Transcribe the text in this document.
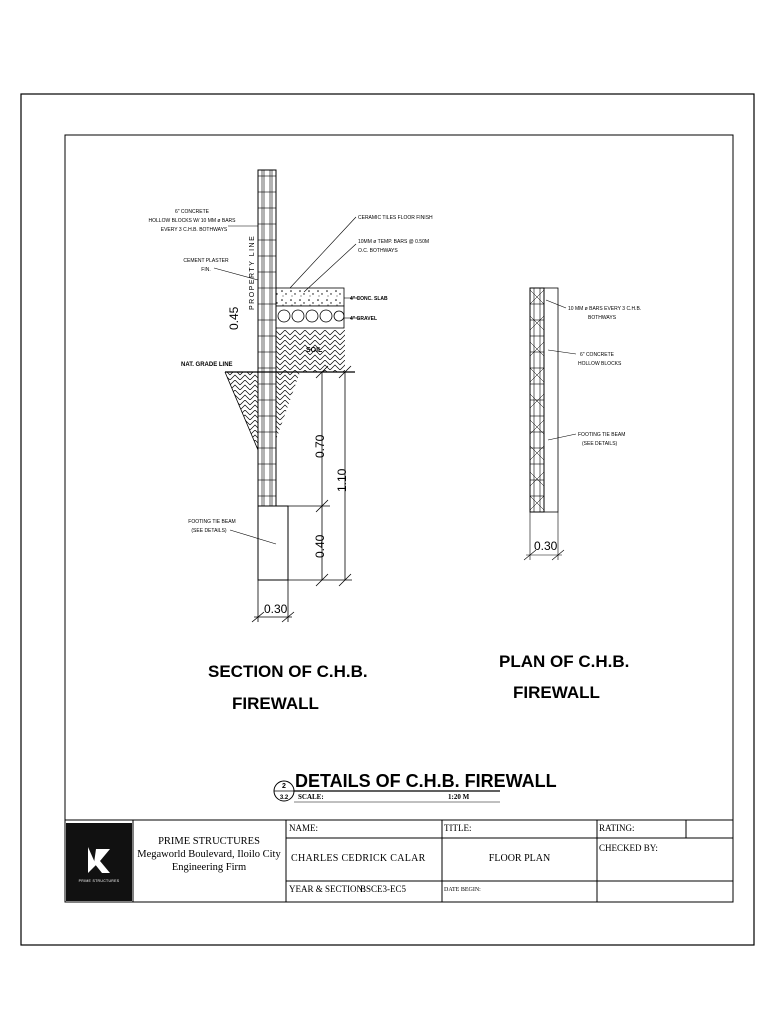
6" CONCRETE
HOLLOW BLOCKS W/ 10 MM ø BARS
EVERY 3 C.H.B. BOTHWAYS
CEMENT PLASTER
FIN.
CERAMIC TILES FLOOR FINISH
10MM ø TEMP. BARS @ 0.50M
O.C. BOTHWAYS
4" CONC. SLAB
4" GRAVEL
SOIL
NAT. GRADE LINE
FOOTING TIE BEAM
(SEE DETAILS)
PROPERTY LINE
0.45
0.70
1.10
0.40
0.30
SECTION OF C.H.B.
FIREWALL
10 MM ø BARS EVERY 3 C.H.B.
BOTHWAYS
6" CONCRETE
HOLLOW BLOCKS
FOOTING TIE BEAM
(SEE DETAILS)
0.30
PLAN OF C.H.B.
FIREWALL
2
3.2
DETAILS OF C.H.B. FIREWALL
SCALE:	1:20 M
PRIME STRUCTURES
PRIME STRUCTURES
Megaworld Boulevard, Iloilo City
Engineering Firm
NAME:
CHARLES CEDRICK CALAR
TITLE:
FLOOR PLAN
RATING:
CHECKED BY:
YEAR & SECTION:
BSCE3-EC5	DATE BEGIN:
